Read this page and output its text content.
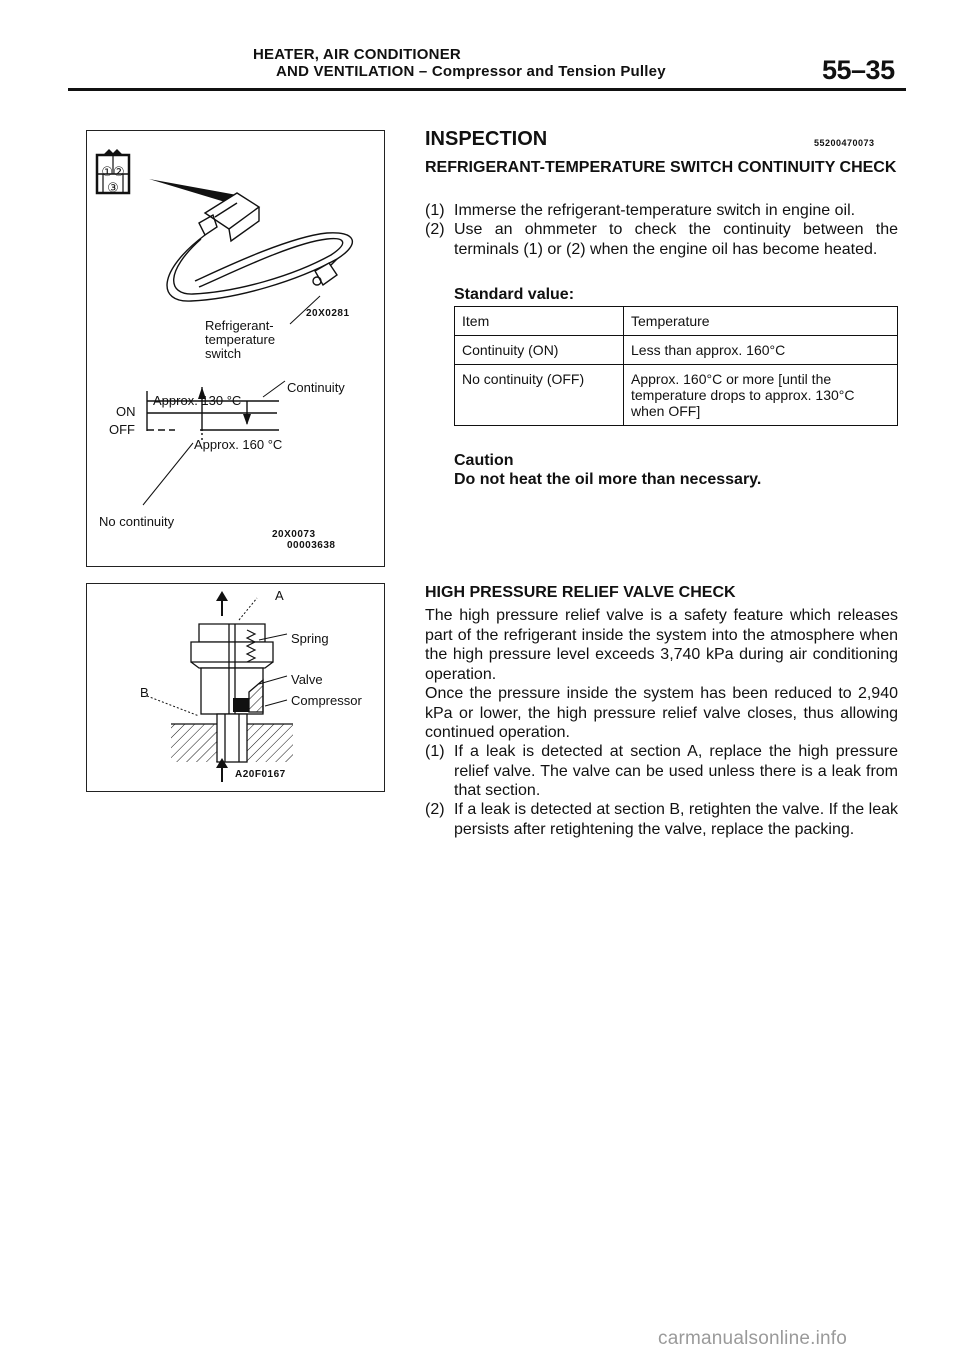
HEATER, AIR CONDITIONER
AND VENTILATION – Compressor and Tension Pulley	55–35
①②
③
20X0281
Refrigerant-
temperature
switch
Continuity
Approx. 130 °C
ON
OFF
Approx. 160 °C
No continuity
20X0073
00003638
A
Spring
Valve
B
Compressor
A20F0167
INSPECTION	55200470073
REFRIGERANT-TEMPERATURE SWITCH CONTINUITY CHECK
(1) Immerse the refrigerant-temperature switch in engine oil.
(2) Use an ohmmeter to check the continuity between the terminals (1) or (2) when the engine oil has become heated.
Standard value:
Item	Temperature
Continuity (ON)	Less than approx. 160°C
No continuity (OFF)	Approx. 160°C or more [until the temperature drops to approx. 130°C when OFF]
Caution
Do not heat the oil more than necessary.
HIGH PRESSURE RELIEF VALVE CHECK
The high pressure relief valve is a safety feature which releases part of the refrigerant inside the system into the atmosphere when the high pressure level exceeds 3,740 kPa during air conditioning operation.
Once the pressure inside the system has been reduced to 2,940 kPa or lower, the high pressure relief valve closes, thus allowing continued operation.
(1) If a leak is detected at section A, replace the high pressure relief valve. The valve can be used unless there is a leak from that section.
(2) If a leak is detected at section B, retighten the valve. If the leak persists after retightening the valve, replace the packing.
carmanualsonline.info
